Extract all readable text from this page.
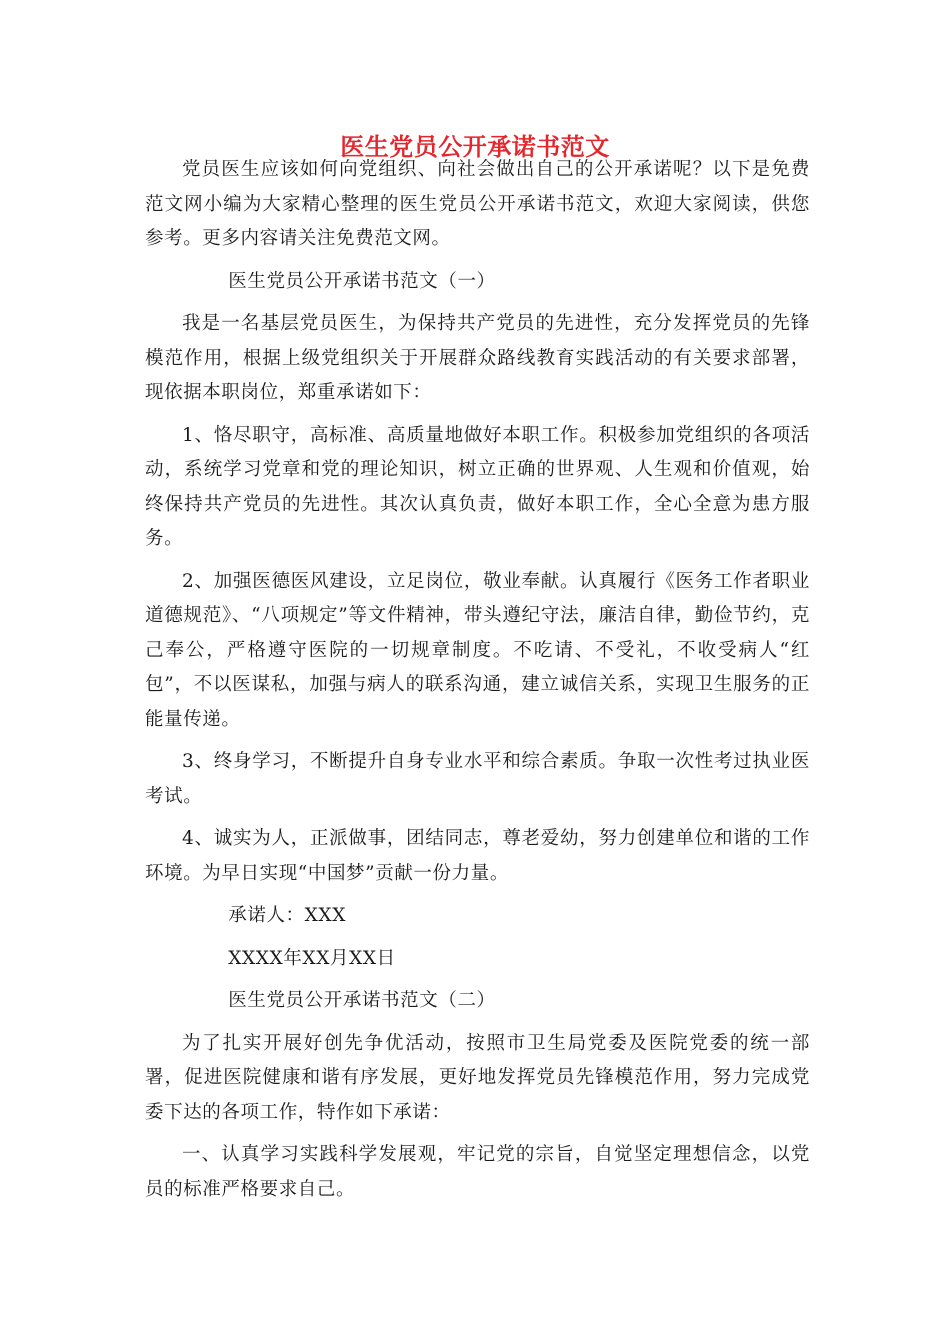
医生党员公开承诺书范文

党员医生应该如何向党组织、向社会做出自己的公开承诺呢？以下是免费范文网小编为大家精心整理的医生党员公开承诺书范文，欢迎大家阅读，供您参考。更多内容请关注免费范文网。

医生党员公开承诺书范文（一）

我是一名基层党员医生，为保持共产党员的先进性，充分发挥党员的先锋模范作用，根据上级党组织关于开展群众路线教育实践活动的有关要求部署，现依据本职岗位，郑重承诺如下：

1、恪尽职守，高标准、高质量地做好本职工作。积极参加党组织的各项活动，系统学习党章和党的理论知识，树立正确的世界观、人生观和价值观，始终保持共产党员的先进性。其次认真负责，做好本职工作，全心全意为患方服务。

2、加强医德医风建设，立足岗位，敬业奉献。认真履行《医务工作者职业道德规范》、“八项规定”等文件精神，带头遵纪守法，廉洁自律，勤俭节约，克己奉公，严格遵守医院的一切规章制度。不吃请、不受礼，不收受病人“红包”，不以医谋私，加强与病人的联系沟通，建立诚信关系，实现卫生服务的正能量传递。

3、终身学习，不断提升自身专业水平和综合素质。争取一次性考过执业医考试。

4、诚实为人，正派做事，团结同志，尊老爱幼，努力创建单位和谐的工作环境。为早日实现“中国梦”贡献一份力量。

承诺人：XXX

XXXX年XX月XX日

医生党员公开承诺书范文（二）

为了扎实开展好创先争优活动，按照市卫生局党委及医院党委的统一部署，促进医院健康和谐有序发展，更好地发挥党员先锋模范作用，努力完成党委下达的各项工作，特作如下承诺：

一、认真学习实践科学发展观，牢记党的宗旨，自觉坚定理想信念，以党员的标准严格要求自己。
